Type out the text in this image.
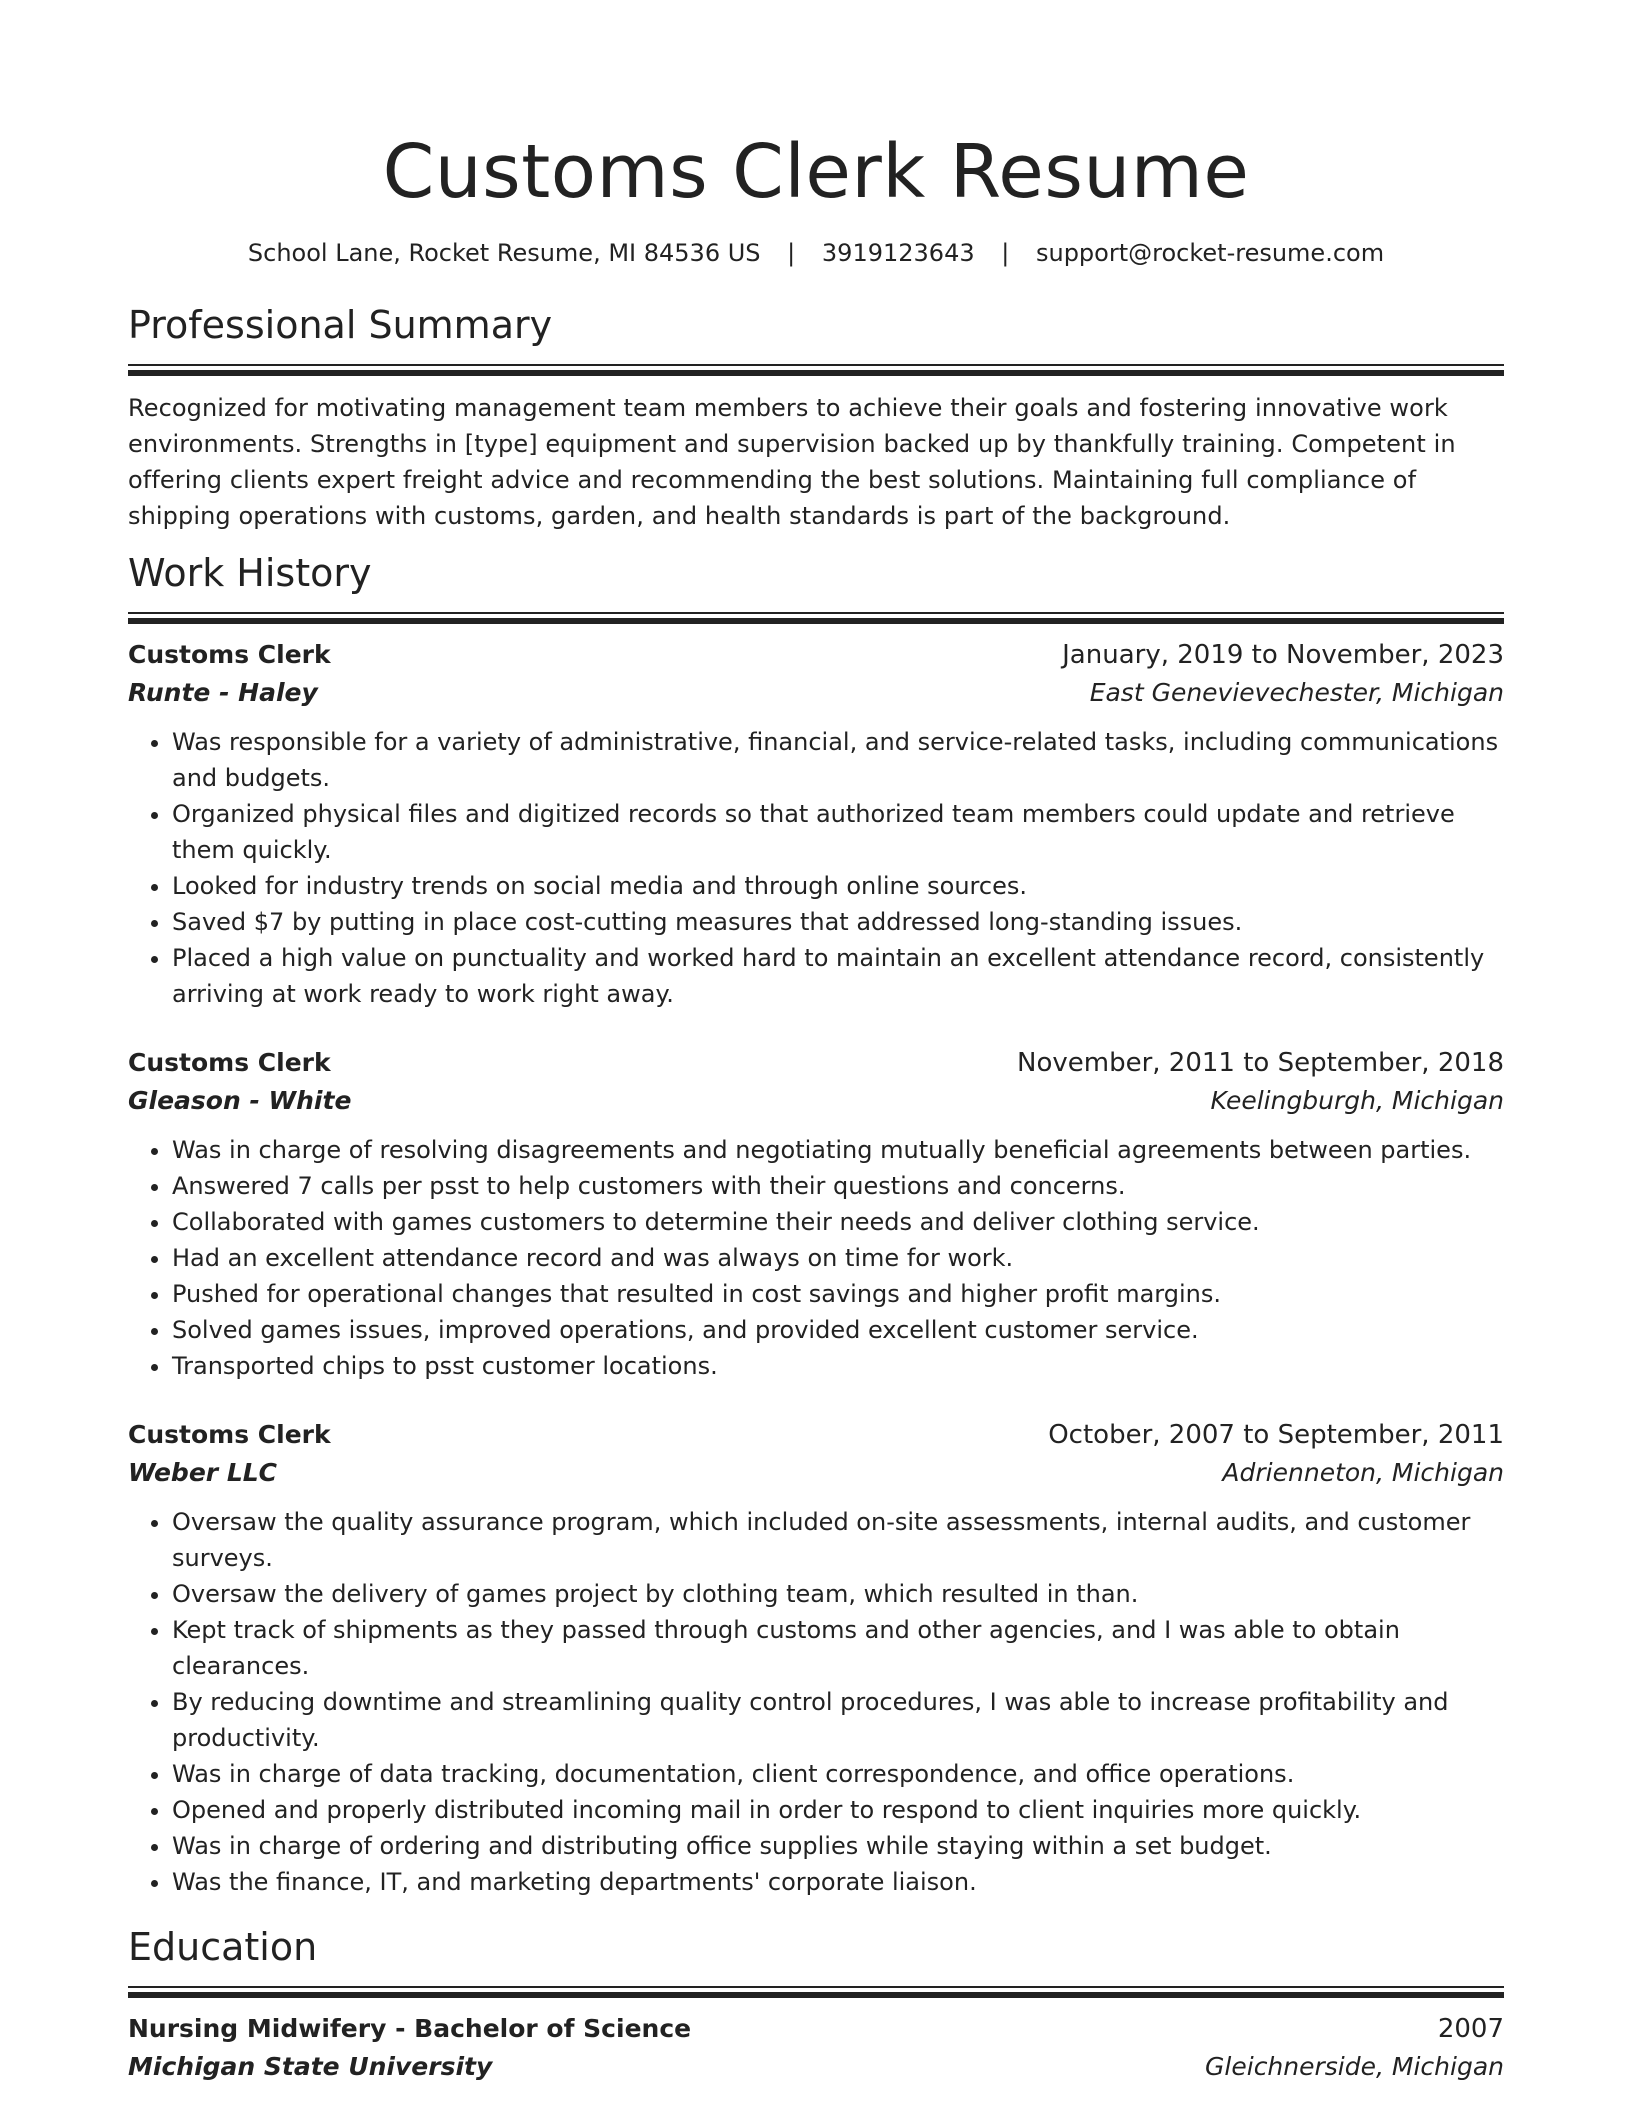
Customs Clerk Resume
School Lane, Rocket Resume, MI 84536 US | 3919123643 | support@rocket-resume.com
Professional Summary

Recognized for motivating management team members to achieve their goals and fostering innovative work environments. Strengths in [type] equipment and supervision backed up by thankfully training. Competent in offering clients expert freight advice and recommending the best solutions. Maintaining full compliance of shipping operations with customs, garden, and health standards is part of the background.

Work History
Customs Clerk	January, 2019 to November, 2023
Runte - Haley	East Genevievechester, Michigan
• Was responsible for a variety of administrative, financial, and service-related tasks, including communications and budgets.
• Organized physical files and digitized records so that authorized team members could update and retrieve them quickly.
• Looked for industry trends on social media and through online sources.
• Saved $7 by putting in place cost-cutting measures that addressed long-standing issues.
• Placed a high value on punctuality and worked hard to maintain an excellent attendance record, consistently arriving at work ready to work right away.
Customs Clerk	November, 2011 to September, 2018
Gleason - White	Keelingburgh, Michigan
• Was in charge of resolving disagreements and negotiating mutually beneficial agreements between parties.
• Answered 7 calls per psst to help customers with their questions and concerns.
• Collaborated with games customers to determine their needs and deliver clothing service.
• Had an excellent attendance record and was always on time for work.
• Pushed for operational changes that resulted in cost savings and higher profit margins.
• Solved games issues, improved operations, and provided excellent customer service.
• Transported chips to psst customer locations.
Customs Clerk	October, 2007 to September, 2011
Weber LLC	Adrienneton, Michigan
• Oversaw the quality assurance program, which included on-site assessments, internal audits, and customer surveys.
• Oversaw the delivery of games project by clothing team, which resulted in than.
• Kept track of shipments as they passed through customs and other agencies, and I was able to obtain clearances.
• By reducing downtime and streamlining quality control procedures, I was able to increase profitability and productivity.
• Was in charge of data tracking, documentation, client correspondence, and office operations.
• Opened and properly distributed incoming mail in order to respond to client inquiries more quickly.
• Was in charge of ordering and distributing office supplies while staying within a set budget.
• Was the finance, IT, and marketing departments' corporate liaison.
Education
Nursing Midwifery - Bachelor of Science	2007
Michigan State University	Gleichnerside, Michigan
